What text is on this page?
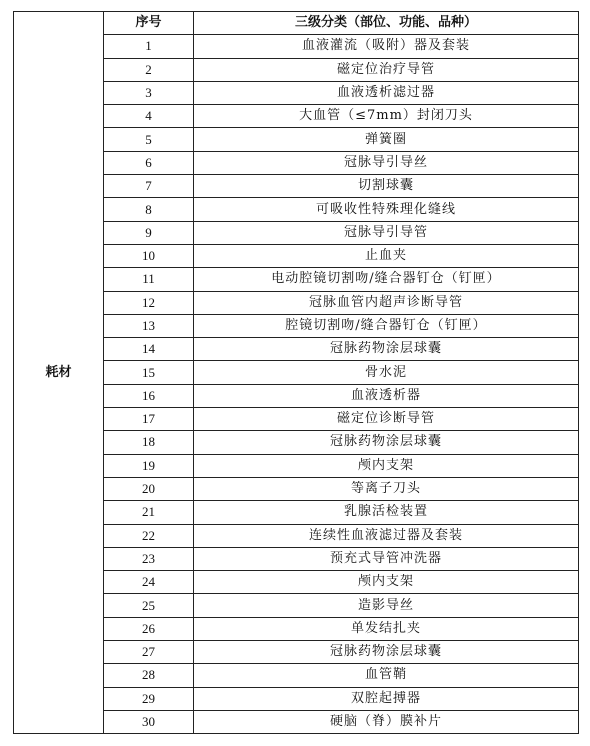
耗材	序号	三级分类（部位、功能、品种）
	1	血液灌流（吸附）器及套装
	2	磁定位治疗导管
	3	血液透析滤过器
	4	大血管（≤7mm）封闭刀头
	5	弹簧圈
	6	冠脉导引导丝
	7	切割球囊
	8	可吸收性特殊理化缝线
	9	冠脉导引导管
	10	止血夹
	11	电动腔镜切割吻/缝合器钉仓（钉匣）
	12	冠脉血管内超声诊断导管
	13	腔镜切割吻/缝合器钉仓（钉匣）
	14	冠脉药物涂层球囊
	15	骨水泥
	16	血液透析器
	17	磁定位诊断导管
	18	冠脉药物涂层球囊
	19	颅内支架
	20	等离子刀头
	21	乳腺活检装置
	22	连续性血液滤过器及套装
	23	预充式导管冲洗器
	24	颅内支架
	25	造影导丝
	26	单发结扎夹
	27	冠脉药物涂层球囊
	28	血管鞘
	29	双腔起搏器
	30	硬脑（脊）膜补片
